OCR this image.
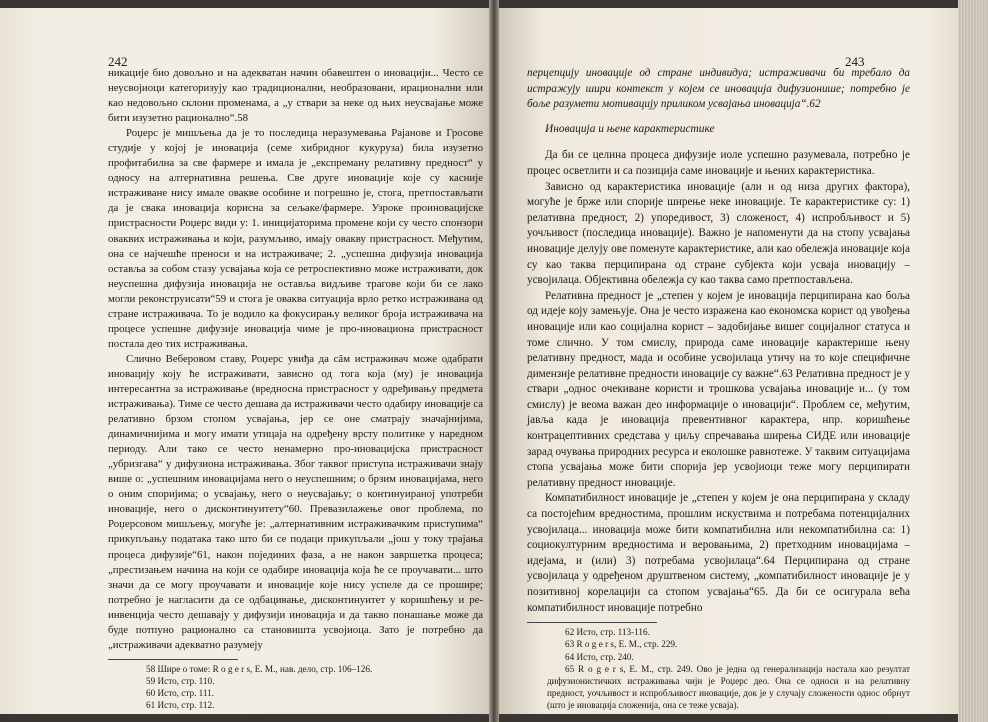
242	243

никације био довољно и на адекватан начин обавештен о иновацији... Често се неусвојиоци категоризују као традиционални, необразовани, ирационални или као недовољно склони променама, а „у ствари за неке од њих неусвајање може бити изузетно рационално“.58

Роџерс је мишљења да је то последица неразумевања Рајанове и Гросове студије у којој је иновација (семе хибридног кукуруза) била изузетно профитабилна за све фармере и имала је „експреману релативну предност“ у односу на алтернативна решења. Све друге иновације које су каснијe истраживане нису имале овакве особине и погрешно је, стога, претпостављати да је свака иновација корисна за сељаке/фармере. Узроке проиновацијске пристрасности Роџерс види у: 1. иницијаторима промене који су често спонзори оваквих истраживања и који, разумљиво, имају овакву пристрасност. Међутим, она се најчешће преноси и на истраживаче; 2. „успешна дифузија иновација оставља за собом стазу усвајања која се ретроспективно може истраживати, док неуспешна дифузија иновација не оставља видљиве трагове који би се лако могли реконструисати“59 и стога је оваква ситуација врло ретко истраживана од стране истраживача. То је водило ка фокусирању великог броја истраживача на процесе успешне дифузије иновација чиме је про-иновациона пристрасност постала део тих истраживања.

Слично Веберовом ставу, Роџерс увиђа да сâм истраживач може одабрати иновацију коју ће истраживати, зависно од тога која (му) је иновација интересантна за истраживање (вредносна пристрасност у одређивању предмета истраживања). Тиме се често дешава да истраживачи често одабиру иновације са релативно брзом стопом усвајања, јер се оне сматрају значајнијима, динамичнијима и могу имати утицаја на одређену врсту политике у наредном периоду. Али тако се често ненамерно про-иновацијска пристрасност „убризгава“ у дифузиона истраживања. Због таквог приступа истраживачи знају више о: „успешним иновацијама него о неуспешним; о брзим иновацијама, него о оним споријима; о усвајању, него о неусвајању; о континуираној употреби иновације, него о дисконтинуитету“60. Превазилажење овог проблема, по Роџерсовом мишљењу, могуће је: „алтернативним истраживачким приступима“ прикупљању података тако што би се подаци прикупљали „још у току трајања процеса дифузије“61, након појединих фаза, а не након завршетка процеса; „престизањем начина на који се одабире иновација која ће се проучавати... што значи да се могу проучавати и иновације које нису успеле да се прошире; потребно је нагласити да се одбацивање, дисконтинуитет у коришћењу и ре-инвенција често дешавају у дифузији иновација и да такво понашање може да буде потпуно рационално са становишта усвојиоца. Зато је потребно да „истраживачи адекватно разумеју

58 Шире о томе: R o g e r s, E. M., нав. дело, стр. 106–126.

59 Исто, стр. 110.

60 Исто, стр. 111.

61 Исто, стр. 112.

перцепцију иновације од стране индивидуа; истраживачи би требало да истражују шири контекст у којем се иновација дифузионише; потребно је боље разумети мотивацију приликом усвајања иновација“.62

Иновација и њене карактеристике

Да би се целина процеса дифузије иоле успешно разумевала, потребно је процес осветлити и са позиција саме иновације и њених карактеристика.

Зависно од карактеристика иновације (али и од низа других фактора), могуће је брже или спорије ширење неке иновације. Те карактеристике су: 1) релативна предност, 2) упоредивост, 3) сложеност, 4) испробљивост и 5) уочљивост (последица иновације). Важно је напоменути да на стопу усвајања иновације делују ове поменуте карактеристике, али као обележја иновације која су као таква перципирана од стране субјекта који усваја иновацију – усвојилаца. Објективна обележја су као таква само претпостављена.

Релативна предност је „степен у којем је иновација перципирана као боља од идеје коју замењује. Она је често изражена као економска корист од увођења иновације или као социјална корист – задобијање вишег социјалног статуса и томе слично. У том смислу, природа саме иновације карактерише њену релативну предност, мада и особине усвојилаца утичу на то које специфичне димензије релативне предности иновације су важне“.63 Релативна предност је у ствари „однос очекиване користи и трошкова усвајања иновације и... (у том смислу) је веома важан део информације о иновацији“. Проблем се, међутим, јавља када је иновација превентивног карактера, нпр. коришћење контрацептивних средстава у циљу спречавања ширења СИДЕ или иновације зарад очувања природних ресурса и еколошке равнотеже. У таквим ситуацијама стопа усвајања може бити спорија јер усвојиоци теже могу перципирати релативну предност иновације.

Компатибилност иновације је „степен у којем је она перципирана у складу са постојећим вредностима, прошлим искуствима и потребама потенцијалних усвојилаца... иновација може бити компатибилна или некомпатибилна са: 1) социокултурним вредностима и веровањима, 2) претходним иновацијама – идејама, и (или) 3) потребама усвојилаца“.64 Перципирана од стране усвојилаца у одређеном друштвеном систему, „компатибилност иновације је у позитивној корелацији са стопом усвајања“65. Да би се осигурала већа компатибилност иновације потребно

62 Исто, стр. 113-116.

63 R o g e r s, E. M., стр. 229.

64 Исто, стр. 240.

65 R o g e r s, E. M., стр. 249. Ово је једна од генерализација настала као резултат дифузионистичких истраживања чији је Роџерс део. Она се односи и на релативну предност, уочљивост и испробљивост иновације, док је у случају сложености однос обрнут (што је иновација сложенија, она се теже усваја).
